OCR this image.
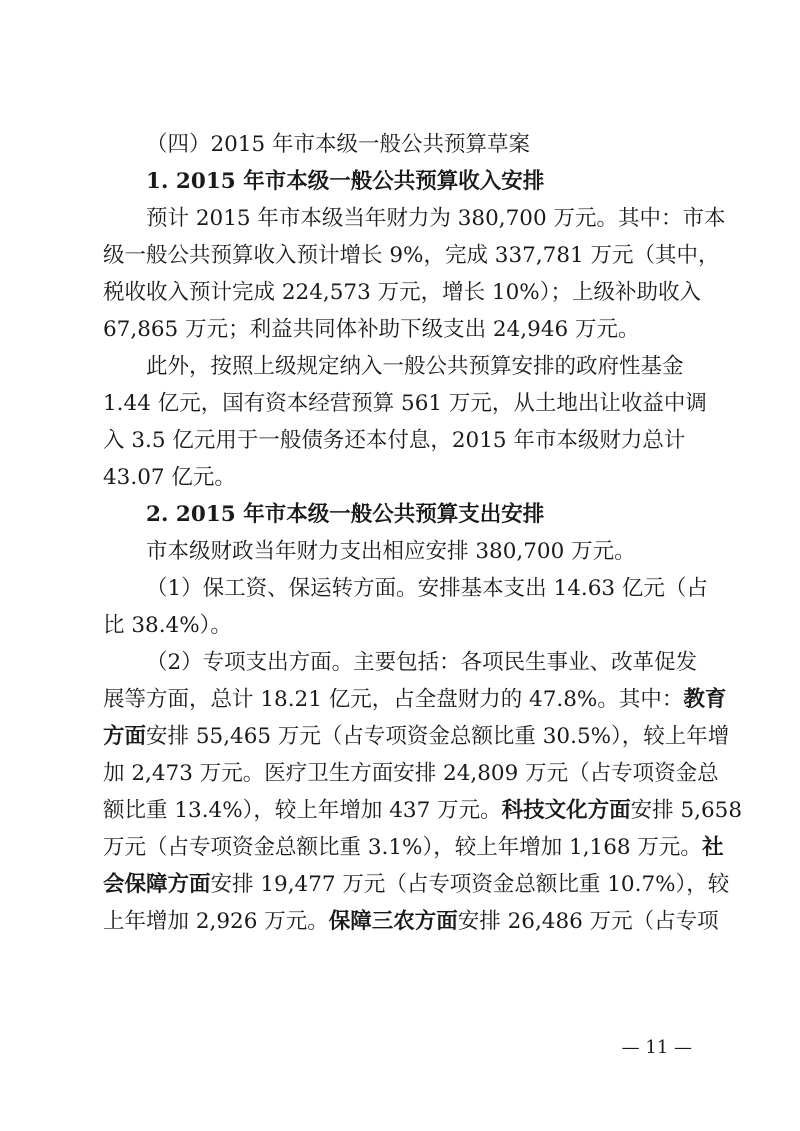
（四）2015 年市本级一般公共预算草案
1. 2015 年市本级一般公共预算收入安排
预计 2015 年市本级当年财力为 380,700 万元。其中：市本
级一般公共预算收入预计增长 9%，完成 337,781 万元（其中，
税收收入预计完成 224,573 万元，增长 10%）；上级补助收入
67,865 万元；利益共同体补助下级支出 24,946 万元。
此外，按照上级规定纳入一般公共预算安排的政府性基金
1.44 亿元，国有资本经营预算 561 万元，从土地出让收益中调
入 3.5 亿元用于一般债务还本付息，2015 年市本级财力总计
43.07 亿元。
2. 2015 年市本级一般公共预算支出安排
市本级财政当年财力支出相应安排 380,700 万元。
（1）保工资、保运转方面。安排基本支出 14.63 亿元（占
比 38.4%）。
（2）专项支出方面。主要包括：各项民生事业、改革促发
展等方面，总计 18.21 亿元，占全盘财力的 47.8%。其中：教育
方面安排 55,465 万元（占专项资金总额比重 30.5%），较上年增
加 2,473 万元。医疗卫生方面安排 24,809 万元（占专项资金总
额比重 13.4%），较上年增加 437 万元。科技文化方面安排 5,658
万元（占专项资金总额比重 3.1%），较上年增加 1,168 万元。社
会保障方面安排 19,477 万元（占专项资金总额比重 10.7%），较
上年增加 2,926 万元。保障三农方面安排 26,486 万元（占专项
— 11 —
